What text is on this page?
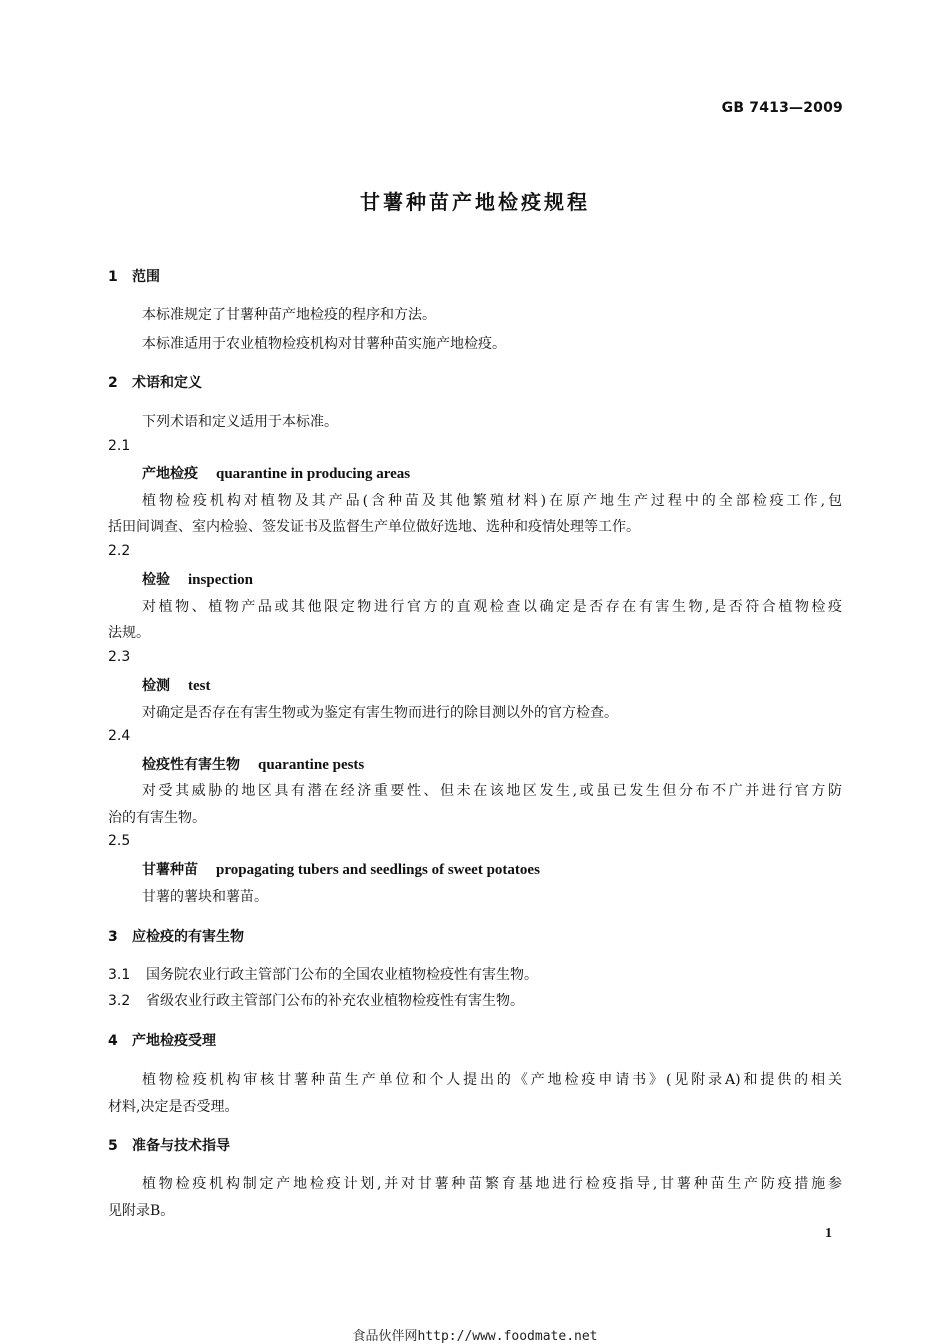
GB 7413—2009
甘薯种苗产地检疫规程
1 范围
本标准规定了甘薯种苗产地检疫的程序和方法。
本标准适用于农业植物检疫机构对甘薯种苗实施产地检疫。
2 术语和定义
下列术语和定义适用于本标准。
2.1
产地检疫 quarantine in producing areas
植物检疫机构对植物及其产品(含种苗及其他繁殖材料)在原产地生产过程中的全部检疫工作,包
括田间调查、室内检验、签发证书及监督生产单位做好选地、选种和疫情处理等工作。
2.2
检验 inspection
对植物、植物产品或其他限定物进行官方的直观检查以确定是否存在有害生物,是否符合植物检疫
法规。
2.3
检测 test
对确定是否存在有害生物或为鉴定有害生物而进行的除目测以外的官方检查。
2.4
检疫性有害生物 quarantine pests
对受其威胁的地区具有潜在经济重要性、但未在该地区发生,或虽已发生但分布不广并进行官方防
治的有害生物。
2.5
甘薯种苗 propagating tubers and seedlings of sweet potatoes
甘薯的薯块和薯苗。
3 应检疫的有害生物
3.1 国务院农业行政主管部门公布的全国农业植物检疫性有害生物。
3.2 省级农业行政主管部门公布的补充农业植物检疫性有害生物。
4 产地检疫受理
植物检疫机构审核甘薯种苗生产单位和个人提出的《产地检疫申请书》(见附录A)和提供的相关
材料,决定是否受理。
5 准备与技术指导
植物检疫机构制定产地检疫计划,并对甘薯种苗繁育基地进行检疫指导,甘薯种苗生产防疫措施参
见附录B。
1
食品伙伴网http://www.foodmate.net
